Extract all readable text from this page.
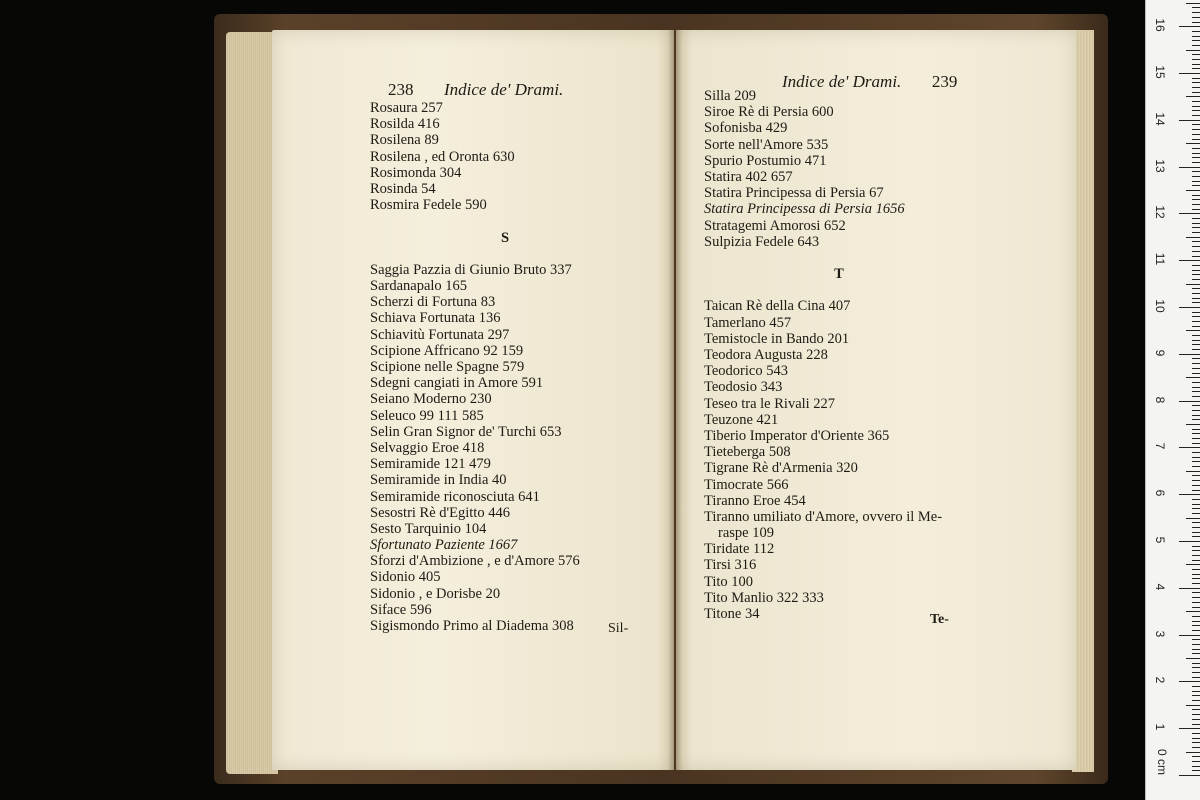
238 Indice de' Drami.
Rosaura 257
Rosilda 416
Rosilena 89
Rosilena , ed Oronta 630
Rosimonda 304
Rosinda 54
Rosmira Fedele 590
S
Saggia Pazzia di Giunio Bruto 337
Sardanapalo 165
Scherzi di Fortuna 83
Schiava Fortunata 136
Schiavitù Fortunata 297
Scipione Affricano 92 159
Scipione nelle Spagne 579
Sdegni cangiati in Amore 591
Seiano Moderno 230
Seleuco 99 111 585
Selin Gran Signor de' Turchi 653
Selvaggio Eroe 418
Semiramide 121 479
Semiramide in India 40
Semiramide riconosciuta 641
Sesostri Rè d'Egitto 446
Sesto Tarquinio 104
Sfortunato Paziente 1667
Sforzi d'Ambizione , e d'Amore 576
Sidonio 405
Sidonio , e Dorisbe 20
Siface 596
Sigismondo Primo al Diadema 308	Sil-
Indice de' Drami. 239
Silla 209
Siroe Rè di Persia 600
Sofonisba 429
Sorte nell'Amore 535
Spurio Postumio 471
Statira 402 657
Statira Principessa di Persia 67
Statira Principessa di Persia 1656
Stratagemi Amorosi 652
Sulpizia Fedele 643
T
Taican Rè della Cina 407
Tamerlano 457
Temistocle in Bando 201
Teodora Augusta 228
Teodorico 543
Teodosio 343
Teseo tra le Rivali 227
Teuzone 421
Tiberio Imperator d'Oriente 365
Tieteberga 508
Tigrane Rè d'Armenia 320
Timocrate 566
Tiranno Eroe 454
Tiranno umiliato d'Amore, ovvero il Me-
raspe 109
Tiridate 112
Tirsi 316
Tito 100
Tito Manlio 322 333
Titone 34	Te-
0 cm
1
2
3
4
5
6
7
8
9
10
11
12
13
14
15
16
